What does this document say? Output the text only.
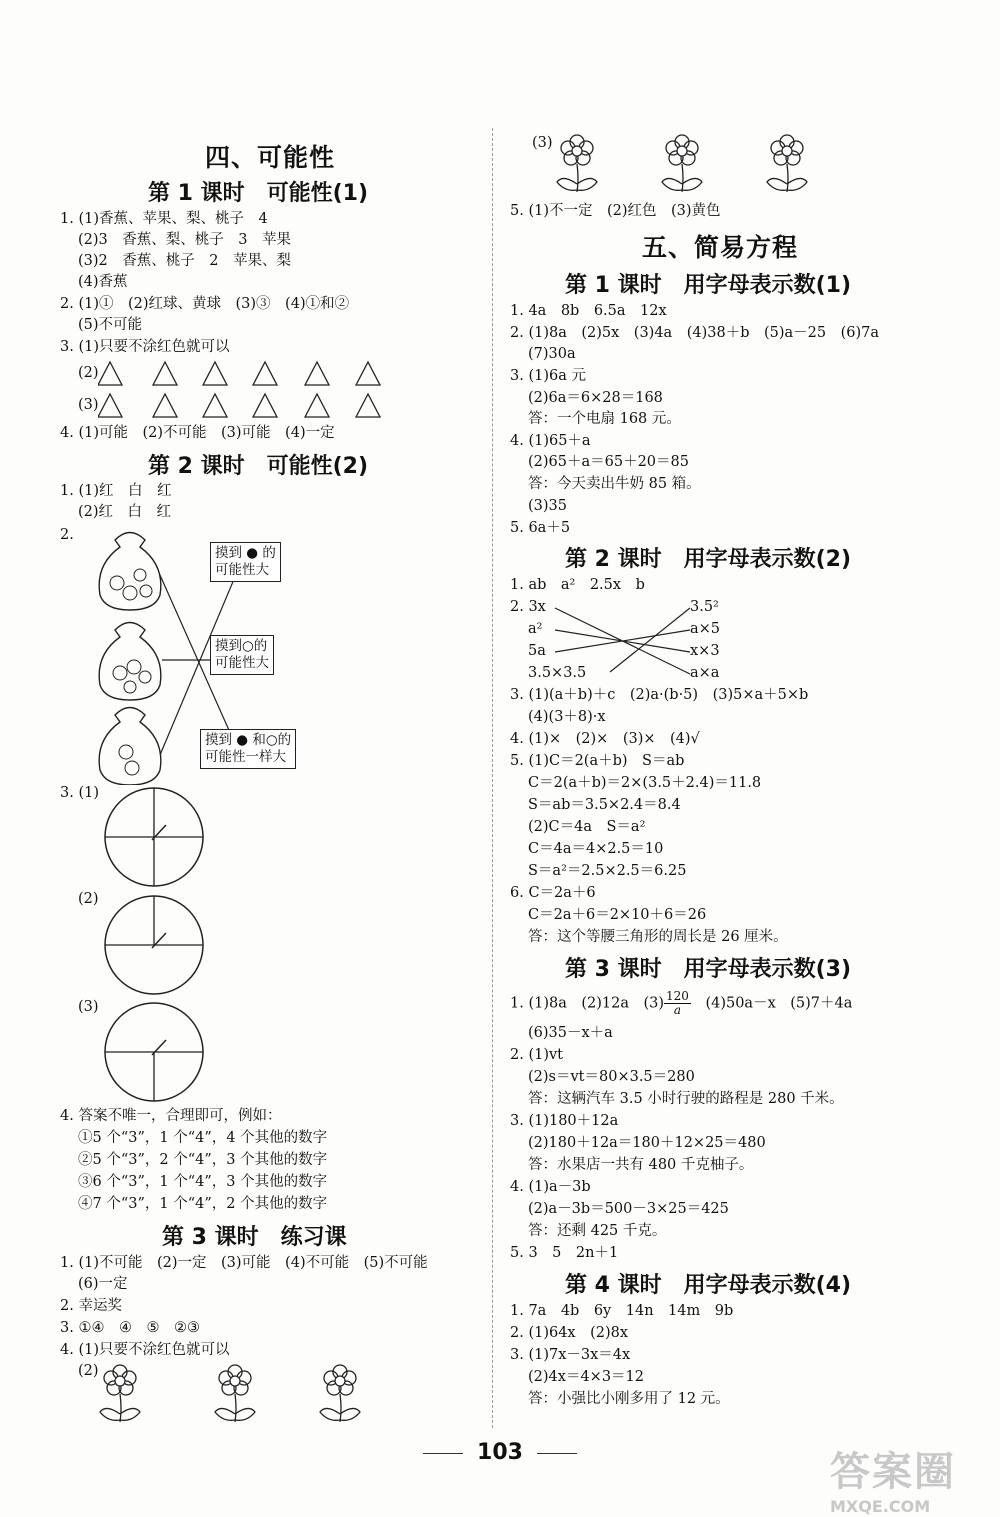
四、可能性
第 1 课时　可能性(1)
1. (1)香蕉、苹果、梨、桃子　4
(2)3　香蕉、梨、桃子　3　苹果
(3)2　香蕉、桃子　2　苹果、梨
(4)香蕉
2. (1)①　(2)红球、黄球　(3)③　(4)①和②
(5)不可能
3. (1)只要不涂红色就可以
(2)
(3)
4. (1)可能　(2)不可能　(3)可能　(4)一定
第 2 课时　可能性(2)
1. (1)红　白　红
(2)红　白　红
2.
摸到 ● 的
可能性大
摸到○的
可能性大
摸到 ● 和○的
可能性一样大
3. (1)
(2)
(3)
4. 答案不唯一，合理即可，例如：
①5 个“3”，1 个“4”，4 个其他的数字
②5 个“3”，2 个“4”，3 个其他的数字
③6 个“3”，1 个“4”，3 个其他的数字
④7 个“3”，1 个“4”，2 个其他的数字
第 3 课时　练习课
1. (1)不可能　(2)一定　(3)可能　(4)不可能　(5)不可能
(6)一定
2. 幸运奖
3. ①④　④　⑤　②③
4. (1)只要不涂红色就可以
(2)
(3)
5. (1)不一定　(2)红色　(3)黄色
五、简易方程
第 1 课时　用字母表示数(1)
1. 4a　8b　6.5a　12x
2. (1)8a　(2)5x　(3)4a　(4)38＋b　(5)a－25　(6)7a
(7)30a
3. (1)6a 元
(2)6a＝6×28＝168
答：一个电扇 168 元。
4. (1)65＋a
(2)65＋a＝65＋20＝85
答：今天卖出牛奶 85 箱。
(3)35
5. 6a＋5
第 2 课时　用字母表示数(2)
1. ab　a²　2.5x　b
2. 3x
a²
5a
3.5×3.5
3.5²
a×5
x×3
a×a
3. (1)(a＋b)＋c　(2)a·(b·5)　(3)5×a＋5×b
(4)(3＋8)·x
4. (1)×　(2)×　(3)×　(4)√
5. (1)C＝2(a＋b)　S＝ab
C＝2(a＋b)＝2×(3.5＋2.4)＝11.8
S＝ab＝3.5×2.4＝8.4
(2)C＝4a　S＝a²
C＝4a＝4×2.5＝10
S＝a²＝2.5×2.5＝6.25
6. C＝2a＋6
C＝2a＋6＝2×10＋6＝26
答：这个等腰三角形的周长是 26 厘米。
第 3 课时　用字母表示数(3)
1. (1)8a　(2)12a　$(3) \frac{120}{a}$
　 (4)50a－x　(5)7＋4a
(6)35－x＋a
2. (1)vt
(2)s＝vt＝80×3.5＝280
答：这辆汽车 3.5 小时行驶的路程是 280 千米。
3. (1)180＋12a
(2)180＋12a＝180＋12×25＝480
答：水果店一共有 480 千克柚子。
4. (1)a－3b
(2)a－3b＝500－3×25＝425
答：还剩 425 千克。
5. 3　5　2n＋1
第 4 课时　用字母表示数(4)
1. 7a　4b　6y　14n　14m　9b
2. (1)64x　(2)8x
3. (1)7x－3x＝4x
(2)4x＝4×3＝12
答：小强比小刚多用了 12 元。
103	答案圈
MXQE.COM
